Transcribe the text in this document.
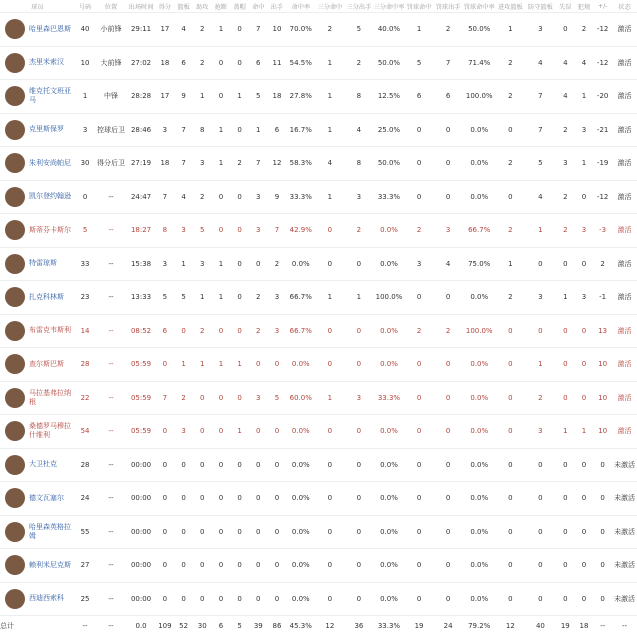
球员	号码	位置	出场时间	得分	篮板	助攻	抢断	盖帽	命中	出手	命中率	三分命中	三分出手	三分命中率	罚球命中	罚球出手	罚球命中率	进攻篮板	防守篮板	失误	犯规	+/-	状态

哈里森巴恩斯	40	小前锋	29:11	17	4	2	1	0	7	10	70.0%	2	5	40.0%	1	2	50.0%	1	3	0	2	-12	激活

杰里米索汉	10	大前锋	27:02	18	6	2	0	0	6	11	54.5%	1	2	50.0%	5	7	71.4%	2	4	4	4	-12	激活

维克托文班亚马	1	中锋	28:28	17	9	1	0	1	5	18	27.8%	1	8	12.5%	6	6	100.0%	2	7	4	1	-20	激活

克里斯保罗	3	控球后卫	28:46	3	7	8	1	0	1	6	16.7%	1	4	25.0%	0	0	0.0%	0	7	2	3	-21	激活

朱利安尚帕尼	30	得分后卫	27:19	18	7	3	1	2	7	12	58.3%	4	8	50.0%	0	0	0.0%	2	5	3	1	-19	激活

凯尔登约翰逊	0	--	24:47	7	4	2	0	0	3	9	33.3%	1	3	33.3%	0	0	0.0%	0	4	2	0	-12	激活

斯蒂芬卡斯尔	5	--	18:27	8	3	5	0	0	3	7	42.9%	0	2	0.0%	2	3	66.7%	2	1	2	3	-3	激活

特雷琼斯	33	--	15:38	3	1	3	1	0	0	2	0.0%	0	0	0.0%	3	4	75.0%	1	0	0	0	2	激活

扎克科林斯	23	--	13:33	5	5	1	1	0	2	3	66.7%	1	1	100.0%	0	0	0.0%	2	3	1	3	-1	激活

布雷克韦斯利	14	--	08:52	6	0	2	0	0	2	3	66.7%	0	0	0.0%	2	2	100.0%	0	0	0	0	13	激活

查尔斯巴斯	28	--	05:59	0	1	1	1	1	0	0	0.0%	0	0	0.0%	0	0	0.0%	0	1	0	0	10	激活

马拉基弗拉纳根	22	--	05:59	7	2	0	0	0	3	5	60.0%	1	3	33.3%	0	0	0.0%	0	2	0	0	10	激活

桑德罗马穆拉什维利	54	--	05:59	0	3	0	0	1	0	0	0.0%	0	0	0.0%	0	0	0.0%	0	3	1	1	10	激活

大卫杜克	28	--	00:00	0	0	0	0	0	0	0	0.0%	0	0	0.0%	0	0	0.0%	0	0	0	0	0	未激活

德文瓦塞尔	24	--	00:00	0	0	0	0	0	0	0	0.0%	0	0	0.0%	0	0	0.0%	0	0	0	0	0	未激活

哈里森英格拉姆	55	--	00:00	0	0	0	0	0	0	0	0.0%	0	0	0.0%	0	0	0.0%	0	0	0	0	0	未激活

赖利米尼克斯	27	--	00:00	0	0	0	0	0	0	0	0.0%	0	0	0.0%	0	0	0.0%	0	0	0	0	0	未激活

西迪西索科	25	--	00:00	0	0	0	0	0	0	0	0.0%	0	0	0.0%	0	0	0.0%	0	0	0	0	0	未激活
总计	--	--	0.0	109	52	30	6	5	39	86	45.3%	12	36	33.3%	19	24	79.2%	12	40	19	18	--	--
